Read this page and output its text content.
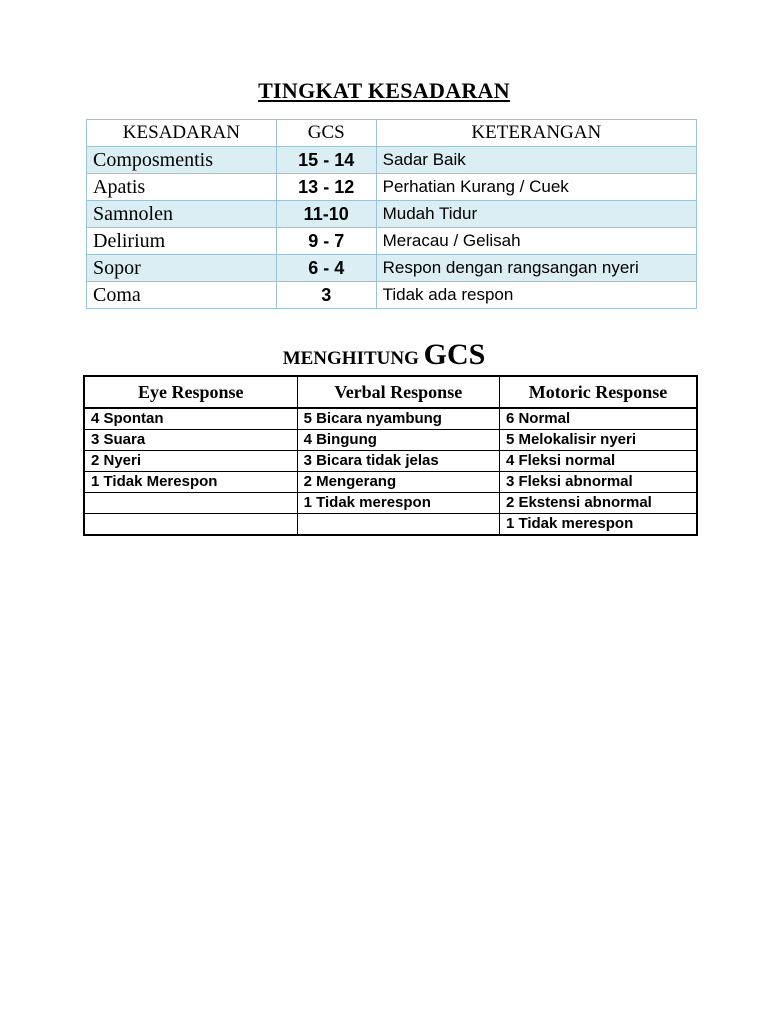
TINGKAT KESADARAN
KESADARAN	GCS	KETERANGAN
Composmentis	15 - 14	Sadar Baik
Apatis	13 - 12	Perhatian Kurang / Cuek
Samnolen	11-10	Mudah Tidur
Delirium	9 - 7	Meracau / Gelisah
Sopor	6 - 4	Respon dengan rangsangan nyeri
Coma	3	Tidak ada respon
MENGHITUNG GCS
Eye Response	Verbal Response	Motoric Response
4 Spontan	5 Bicara nyambung	6 Normal
3 Suara	4 Bingung	5 Melokalisir nyeri
2 Nyeri	3 Bicara tidak jelas	4 Fleksi normal
1 Tidak Merespon	2 Mengerang	3 Fleksi abnormal
	1 Tidak merespon	2 Ekstensi abnormal
		1 Tidak merespon
